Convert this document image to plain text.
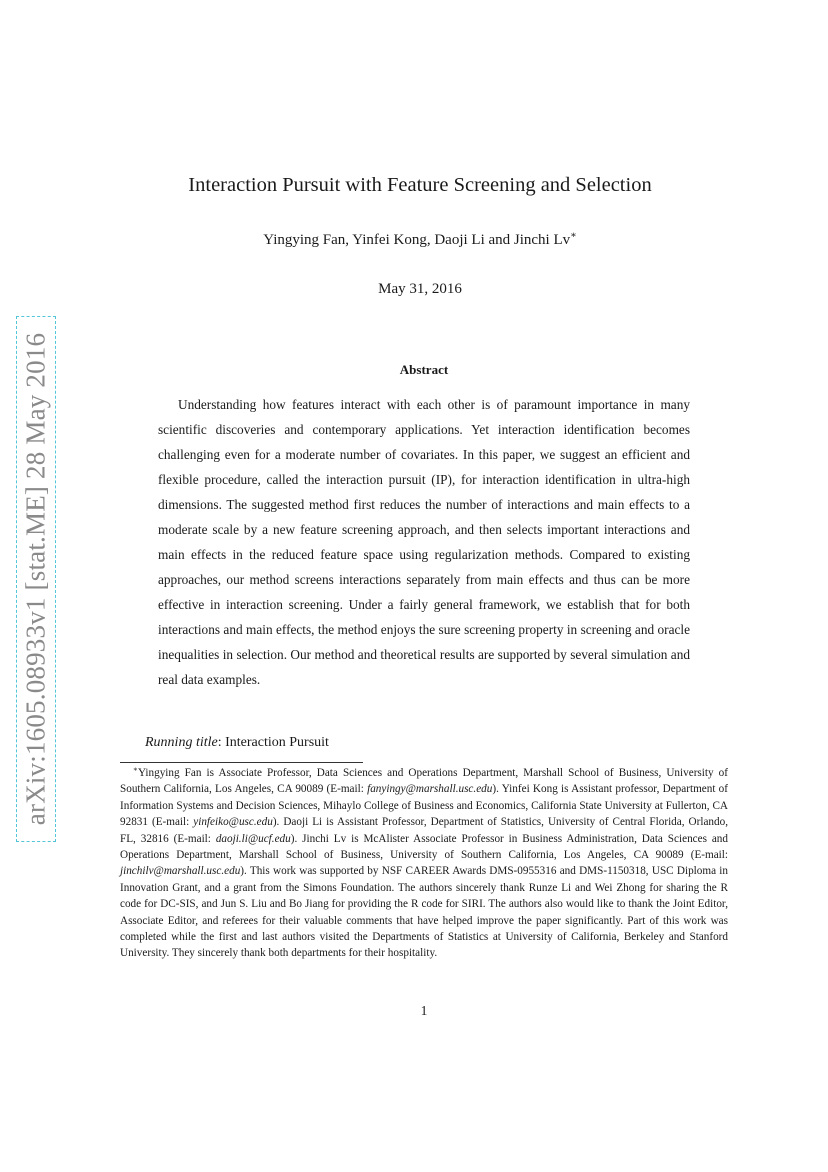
arXiv:1605.08933v1 [stat.ME] 28 May 2016
Interaction Pursuit with Feature Screening and Selection
Yingying Fan, Yinfei Kong, Daoji Li and Jinchi Lv∗
May 31, 2016
Abstract

Understanding how features interact with each other is of paramount importance in many scientific discoveries and contemporary applications. Yet interaction identification becomes challenging even for a moderate number of covariates. In this paper, we suggest an efficient and flexible procedure, called the interaction pursuit (IP), for interaction identification in ultra-high dimensions. The suggested method first reduces the number of interactions and main effects to a moderate scale by a new feature screening approach, and then selects important interactions and main effects in the reduced feature space using regularization methods. Compared to existing approaches, our method screens interactions separately from main effects and thus can be more effective in interaction screening. Under a fairly general framework, we establish that for both interactions and main effects, the method enjoys the sure screening property in screening and oracle inequalities in selection. Our method and theoretical results are supported by several simulation and real data examples.

Running title: Interaction Pursuit

∗Yingying Fan is Associate Professor, Data Sciences and Operations Department, Marshall School of Business, University of Southern California, Los Angeles, CA 90089 (E-mail: fanyingy@marshall.usc.edu). Yinfei Kong is Assistant professor, Department of Information Systems and Decision Sciences, Mihaylo College of Business and Economics, California State University at Fullerton, CA 92831 (E-mail: yinfeiko@usc.edu). Daoji Li is Assistant Professor, Department of Statistics, University of Central Florida, Orlando, FL, 32816 (E-mail: daoji.li@ucf.edu). Jinchi Lv is McAlister Associate Professor in Business Administration, Data Sciences and Operations Department, Marshall School of Business, University of Southern California, Los Angeles, CA 90089 (E-mail: jinchilv@marshall.usc.edu). This work was supported by NSF CAREER Awards DMS-0955316 and DMS-1150318, USC Diploma in Innovation Grant, and a grant from the Simons Foundation. The authors sincerely thank Runze Li and Wei Zhong for sharing the R code for DC-SIS, and Jun S. Liu and Bo Jiang for providing the R code for SIRI. The authors also would like to thank the Joint Editor, Associate Editor, and referees for their valuable comments that have helped improve the paper significantly. Part of this work was completed while the first and last authors visited the Departments of Statistics at University of California, Berkeley and Stanford University. They sincerely thank both departments for their hospitality.

1
